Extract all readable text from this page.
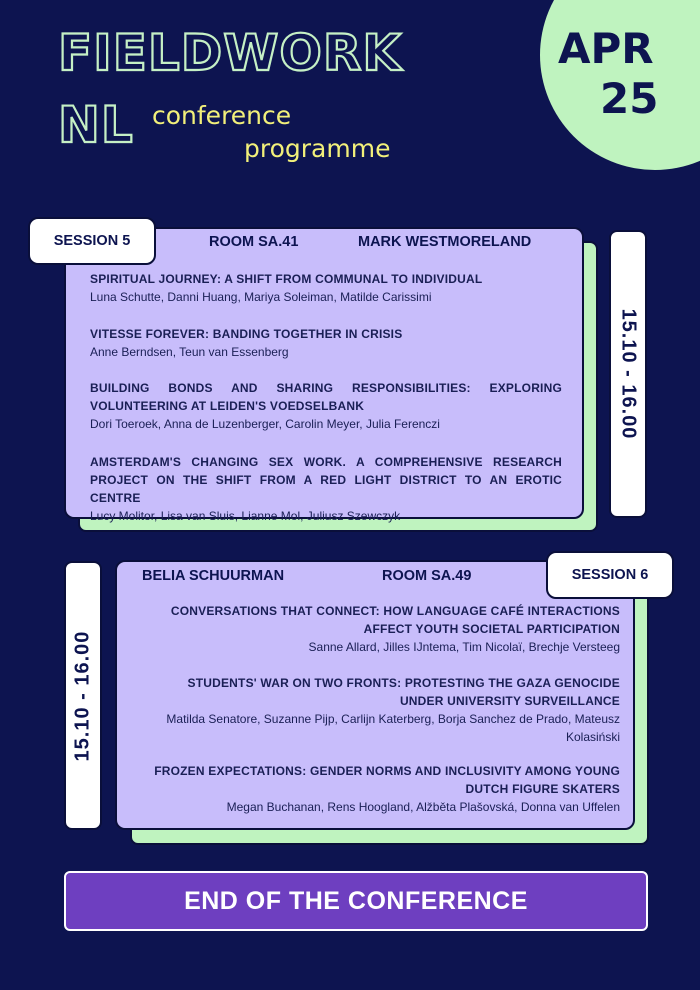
FIELDWORK
NL conference
programme
APR
25
SESSION 5	ROOM SA.41	MARK WESTMORELAND
15.10 - 16.00
SPIRITUAL JOURNEY: A SHIFT FROM COMMUNAL TO INDIVIDUAL
Luna Schutte, Danni Huang, Mariya Soleiman, Matilde Carissimi
VITESSE FOREVER: BANDING TOGETHER IN CRISIS
Anne Berndsen, Teun van Essenberg
BUILDING BONDS AND SHARING RESPONSIBILITIES: EXPLORING VOLUNTEERING AT LEIDEN'S VOEDSELBANK
Dori Toeroek, Anna de Luzenberger, Carolin Meyer, Julia Ferenczi
AMSTERDAM'S CHANGING SEX WORK. A COMPREHENSIVE RESEARCH PROJECT ON THE SHIFT FROM A RED LIGHT DISTRICT TO AN EROTIC CENTRE
Lucy Molitor, Lisa van Sluis, Lianne Mol, Juliusz Szewczyk
SESSION 6
BELIA SCHUURMAN	ROOM SA.49
15.10 - 16.00
CONVERSATIONS THAT CONNECT: HOW LANGUAGE CAFÉ INTERACTIONS AFFECT YOUTH SOCIETAL PARTICIPATION
Sanne Allard, Jilles IJntema, Tim Nicolaï, Brechje Versteeg
STUDENTS' WAR ON TWO FRONTS: PROTESTING THE GAZA GENOCIDE UNDER UNIVERSITY SURVEILLANCE
Matilda Senatore, Suzanne Pijp, Carlijn Katerberg, Borja Sanchez de Prado, Mateusz Kolasiński
FROZEN EXPECTATIONS: GENDER NORMS AND INCLUSIVITY AMONG YOUNG DUTCH FIGURE SKATERS
Megan Buchanan, Rens Hoogland, Alžběta Plašovská, Donna van Uffelen
END OF THE CONFERENCE
